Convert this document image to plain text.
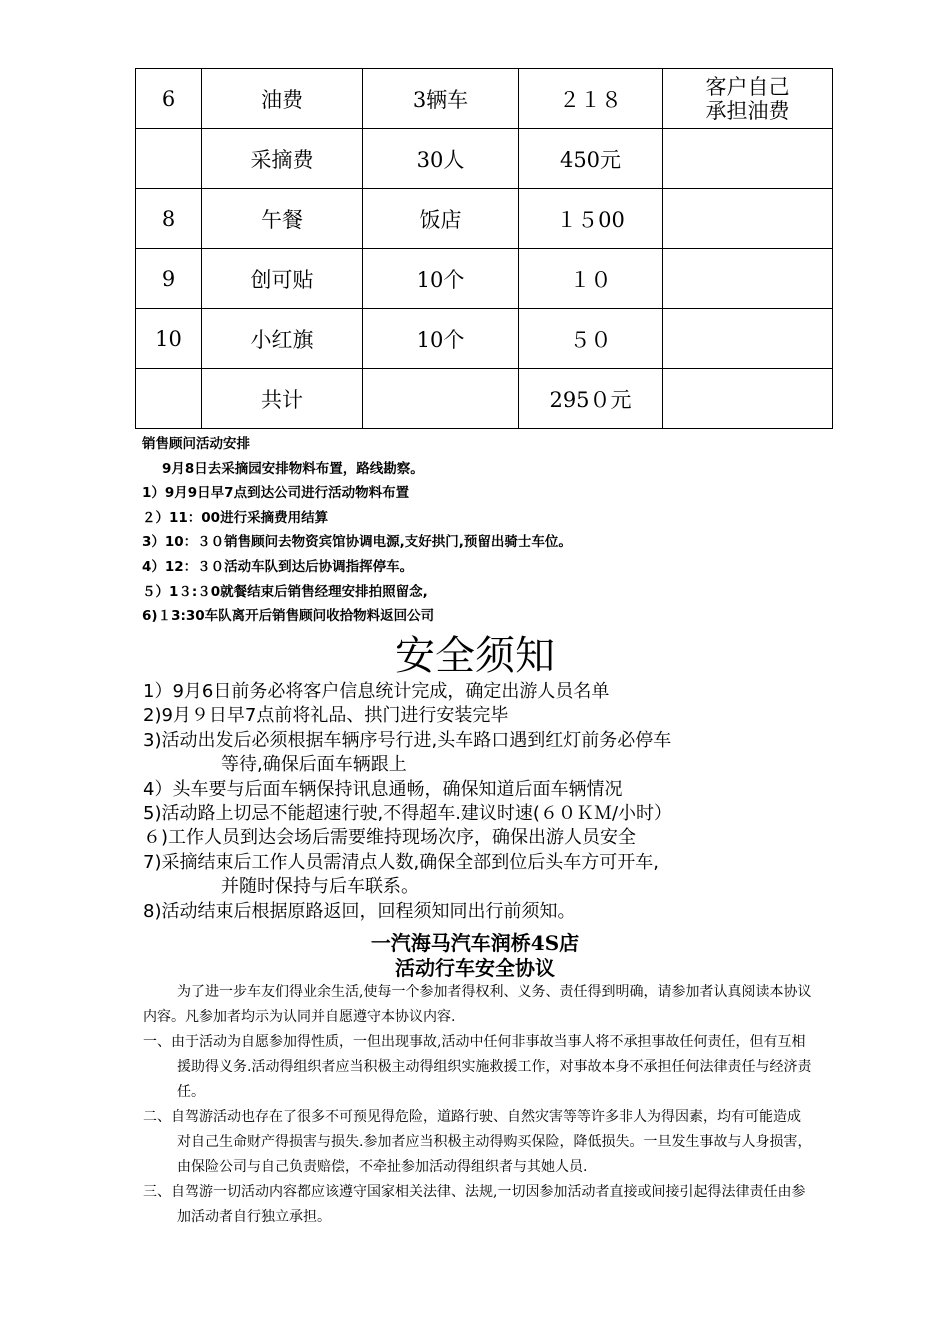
6	油费	3辆车	２１８	客户自己承担油费

	采摘费	30人	450元	
8	午餐	饭店	１５00	
9	创可贴	10个	１０	
10	小红旗	10个	５０	
	共计		295０元	
销售顾问活动安排
9月8日去采摘园安排物料布置，路线勘察。
1）9月9日早7点到达公司进行活动物料布置
２）11：00进行采摘费用结算
3）10：３０销售顾问去物资宾馆协调电源,支好拱门,预留出骑士车位。
4）12：３０活动车队到达后协调指挥停车。
５）1３:３0就餐结束后销售经理安排拍照留念,
6)１3:30车队离开后销售顾问收拾物料返回公司
安全须知
1）9月6日前务必将客户信息统计完成，确定出游人员名单
2)9月９日早7点前将礼品、拱门进行安装完毕
3)活动出发后必须根据车辆序号行进,头车路口遇到红灯前务必停车
等待,确保后面车辆跟上
4）头车要与后面车辆保持讯息通畅，确保知道后面车辆情况
5)活动路上切忌不能超速行驶,不得超车.建议时速(６０ＫＭ/小时）
６)工作人员到达会场后需要维持现场次序，确保出游人员安全
7)采摘结束后工作人员需清点人数,确保全部到位后头车方可开车,
并随时保持与后车联系。
8)活动结束后根据原路返回，回程须知同出行前须知。
一汽海马汽车润桥4S店
活动行车安全协议
为了进一步车友们得业余生活,使每一个参加者得权利、义务、责任得到明确，请参加者认真阅读本协议内容。凡参加者均示为认同并自愿遵守本协议内容.
一、由于活动为自愿参加得性质，一但出现事故,活动中任何非事故当事人将不承担事故任何责任，但有互相援助得义务.活动得组织者应当积极主动得组织实施救援工作，对事故本身不承担任何法律责任与经济责任。
二、自驾游活动也存在了很多不可预见得危险，道路行驶、自然灾害等等许多非人为得因素，均有可能造成对自己生命财产得损害与损失.参加者应当积极主动得购买保险，降低损失。一旦发生事故与人身损害，由保险公司与自己负责赔偿，不牵扯参加活动得组织者与其她人员.
三、自驾游一切活动内容都应该遵守国家相关法律、法规,一切因参加活动者直接或间接引起得法律责任由参加活动者自行独立承担。
